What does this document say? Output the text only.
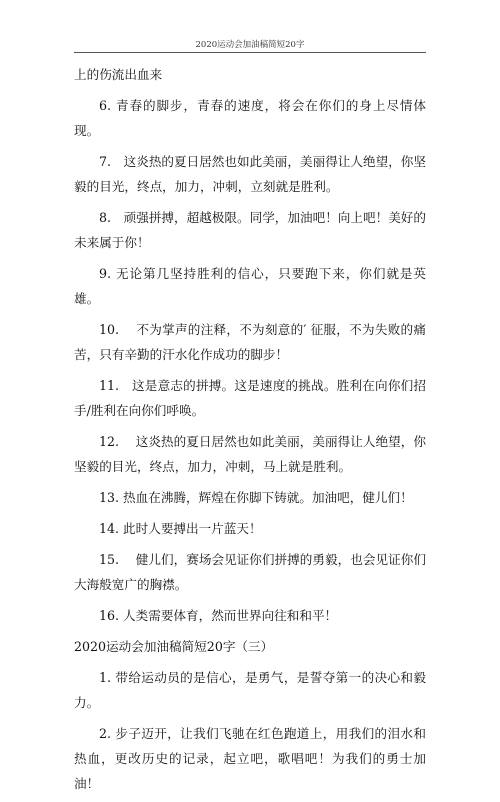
2020运动会加油稿简短20字

上的伤流出血来

6. 青春的脚步，青春的速度，将会在你们的身上尽情体现。

7.　这炎热的夏日居然也如此美丽，美丽得让人绝望，你坚毅的目光，终点，加力，冲刺，立刻就是胜利。

8.　顽强拼搏，超越极限。同学，加油吧！向上吧！美好的未来属于你！

9. 无论第几坚持胜利的信心，只要跑下来，你们就是英雄。

10.　 不为掌声的注释，不为刻意的′ 征服，不为失败的痛苦，只有辛勤的汗水化作成功的脚步！

11.　这是意志的拼搏。这是速度的挑战。胜利在向你们招手/胜利在向你们呼唤。

12.　 这炎热的夏日居然也如此美丽，美丽得让人绝望，你坚毅的目光，终点，加力，冲刺，马上就是胜利。

13. 热血在沸腾，辉煌在你脚下铸就。加油吧，健儿们！

14. 此时人要搏出一片蓝天！

15.　 健儿们，赛场会见证你们拼搏的勇毅，也会见证你们大海般宽广的胸襟。

16. 人类需要体育，然而世界向往和和平！

2020运动会加油稿简短20字（三）

1. 带给运动员的是信心，是勇气，是誓夺第一的决心和毅力。

2. 步子迈开，让我们飞驰在红色跑道上，用我们的泪水和热血，更改历史的记录，起立吧，歌唱吧！为我们的勇士加油！
